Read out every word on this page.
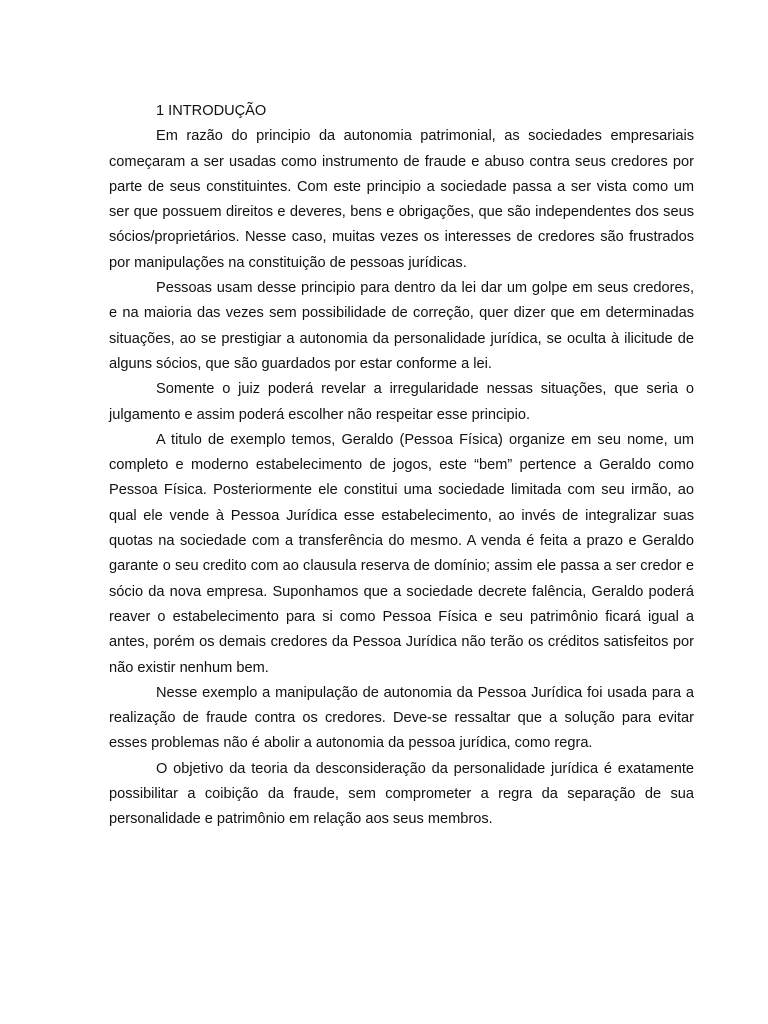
1 INTRODUÇÃO

Em razão do principio da autonomia patrimonial, as sociedades empresariais começaram a ser usadas como instrumento de fraude e abuso contra seus credores por parte de seus constituintes. Com este principio a sociedade passa a ser vista como um ser que possuem direitos e deveres, bens e obrigações, que são independentes dos seus sócios/proprietários. Nesse caso, muitas vezes os interesses de credores são frustrados por manipulações na constituição de pessoas jurídicas.

Pessoas usam desse principio para dentro da lei dar um golpe em seus credores, e na maioria das vezes sem possibilidade de correção, quer dizer que em determinadas situações, ao se prestigiar a autonomia da personalidade jurídica, se oculta à ilicitude de alguns sócios, que são guardados por estar conforme a lei.

Somente o juiz poderá revelar a irregularidade nessas situações, que seria o julgamento e assim poderá escolher não respeitar esse principio.

A titulo de exemplo temos, Geraldo (Pessoa Física) organize em seu nome, um completo e moderno estabelecimento de jogos, este “bem” pertence a Geraldo como Pessoa Física. Posteriormente ele constitui uma sociedade limitada com seu irmão, ao qual ele vende à Pessoa Jurídica esse estabelecimento, ao invés de integralizar suas quotas na sociedade com a transferência do mesmo. A venda é feita a prazo e Geraldo garante o seu credito com ao clausula reserva de domínio; assim ele passa a ser credor e sócio da nova empresa. Suponhamos que a sociedade decrete falência, Geraldo poderá reaver o estabelecimento para si como Pessoa Física e seu patrimônio ficará igual a antes, porém os demais credores da Pessoa Jurídica não terão os créditos satisfeitos por não existir nenhum bem.

Nesse exemplo a manipulação de autonomia da Pessoa Jurídica foi usada para a realização de fraude contra os credores. Deve-se ressaltar que a solução para evitar esses problemas não é abolir a autonomia da pessoa jurídica, como regra.

O objetivo da teoria da desconsideração da personalidade jurídica é exatamente possibilitar a coibição da fraude, sem comprometer a regra da separação de sua personalidade e patrimônio em relação aos seus membros.
